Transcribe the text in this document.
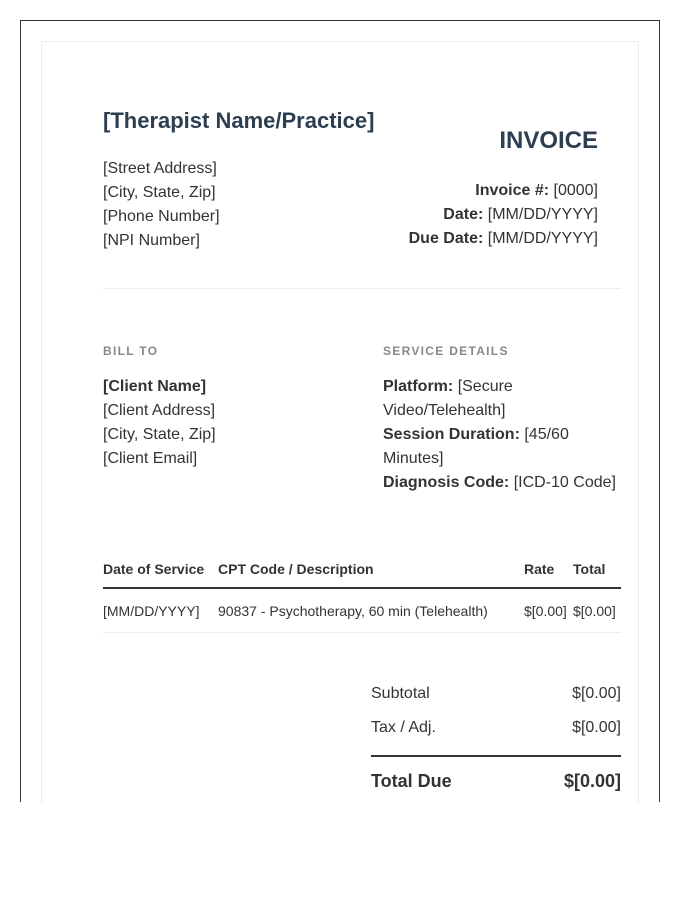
[Therapist Name/Practice]
[Street Address]
[City, State, Zip]
[Phone Number]
[NPI Number]
INVOICE
Invoice #: [0000]
Date: [MM/DD/YYYY]
Due Date: [MM/DD/YYYY]
BILL TO	SERVICE DETAILS
[Client Name]
[Client Address]
[City, State, Zip]
[Client Email]
Platform: [Secure Video/Telehealth]
Session Duration: [45/60 Minutes]
Diagnosis Code: [ICD-10 Code]
Date of Service	CPT Code / Description	Rate	Total
[MM/DD/YYYY]	90837 - Psychotherapy, 60 min (Telehealth)	$[0.00]	$[0.00]
Subtotal	$[0.00]
Tax / Adj.	$[0.00]
Total Due	$[0.00]
